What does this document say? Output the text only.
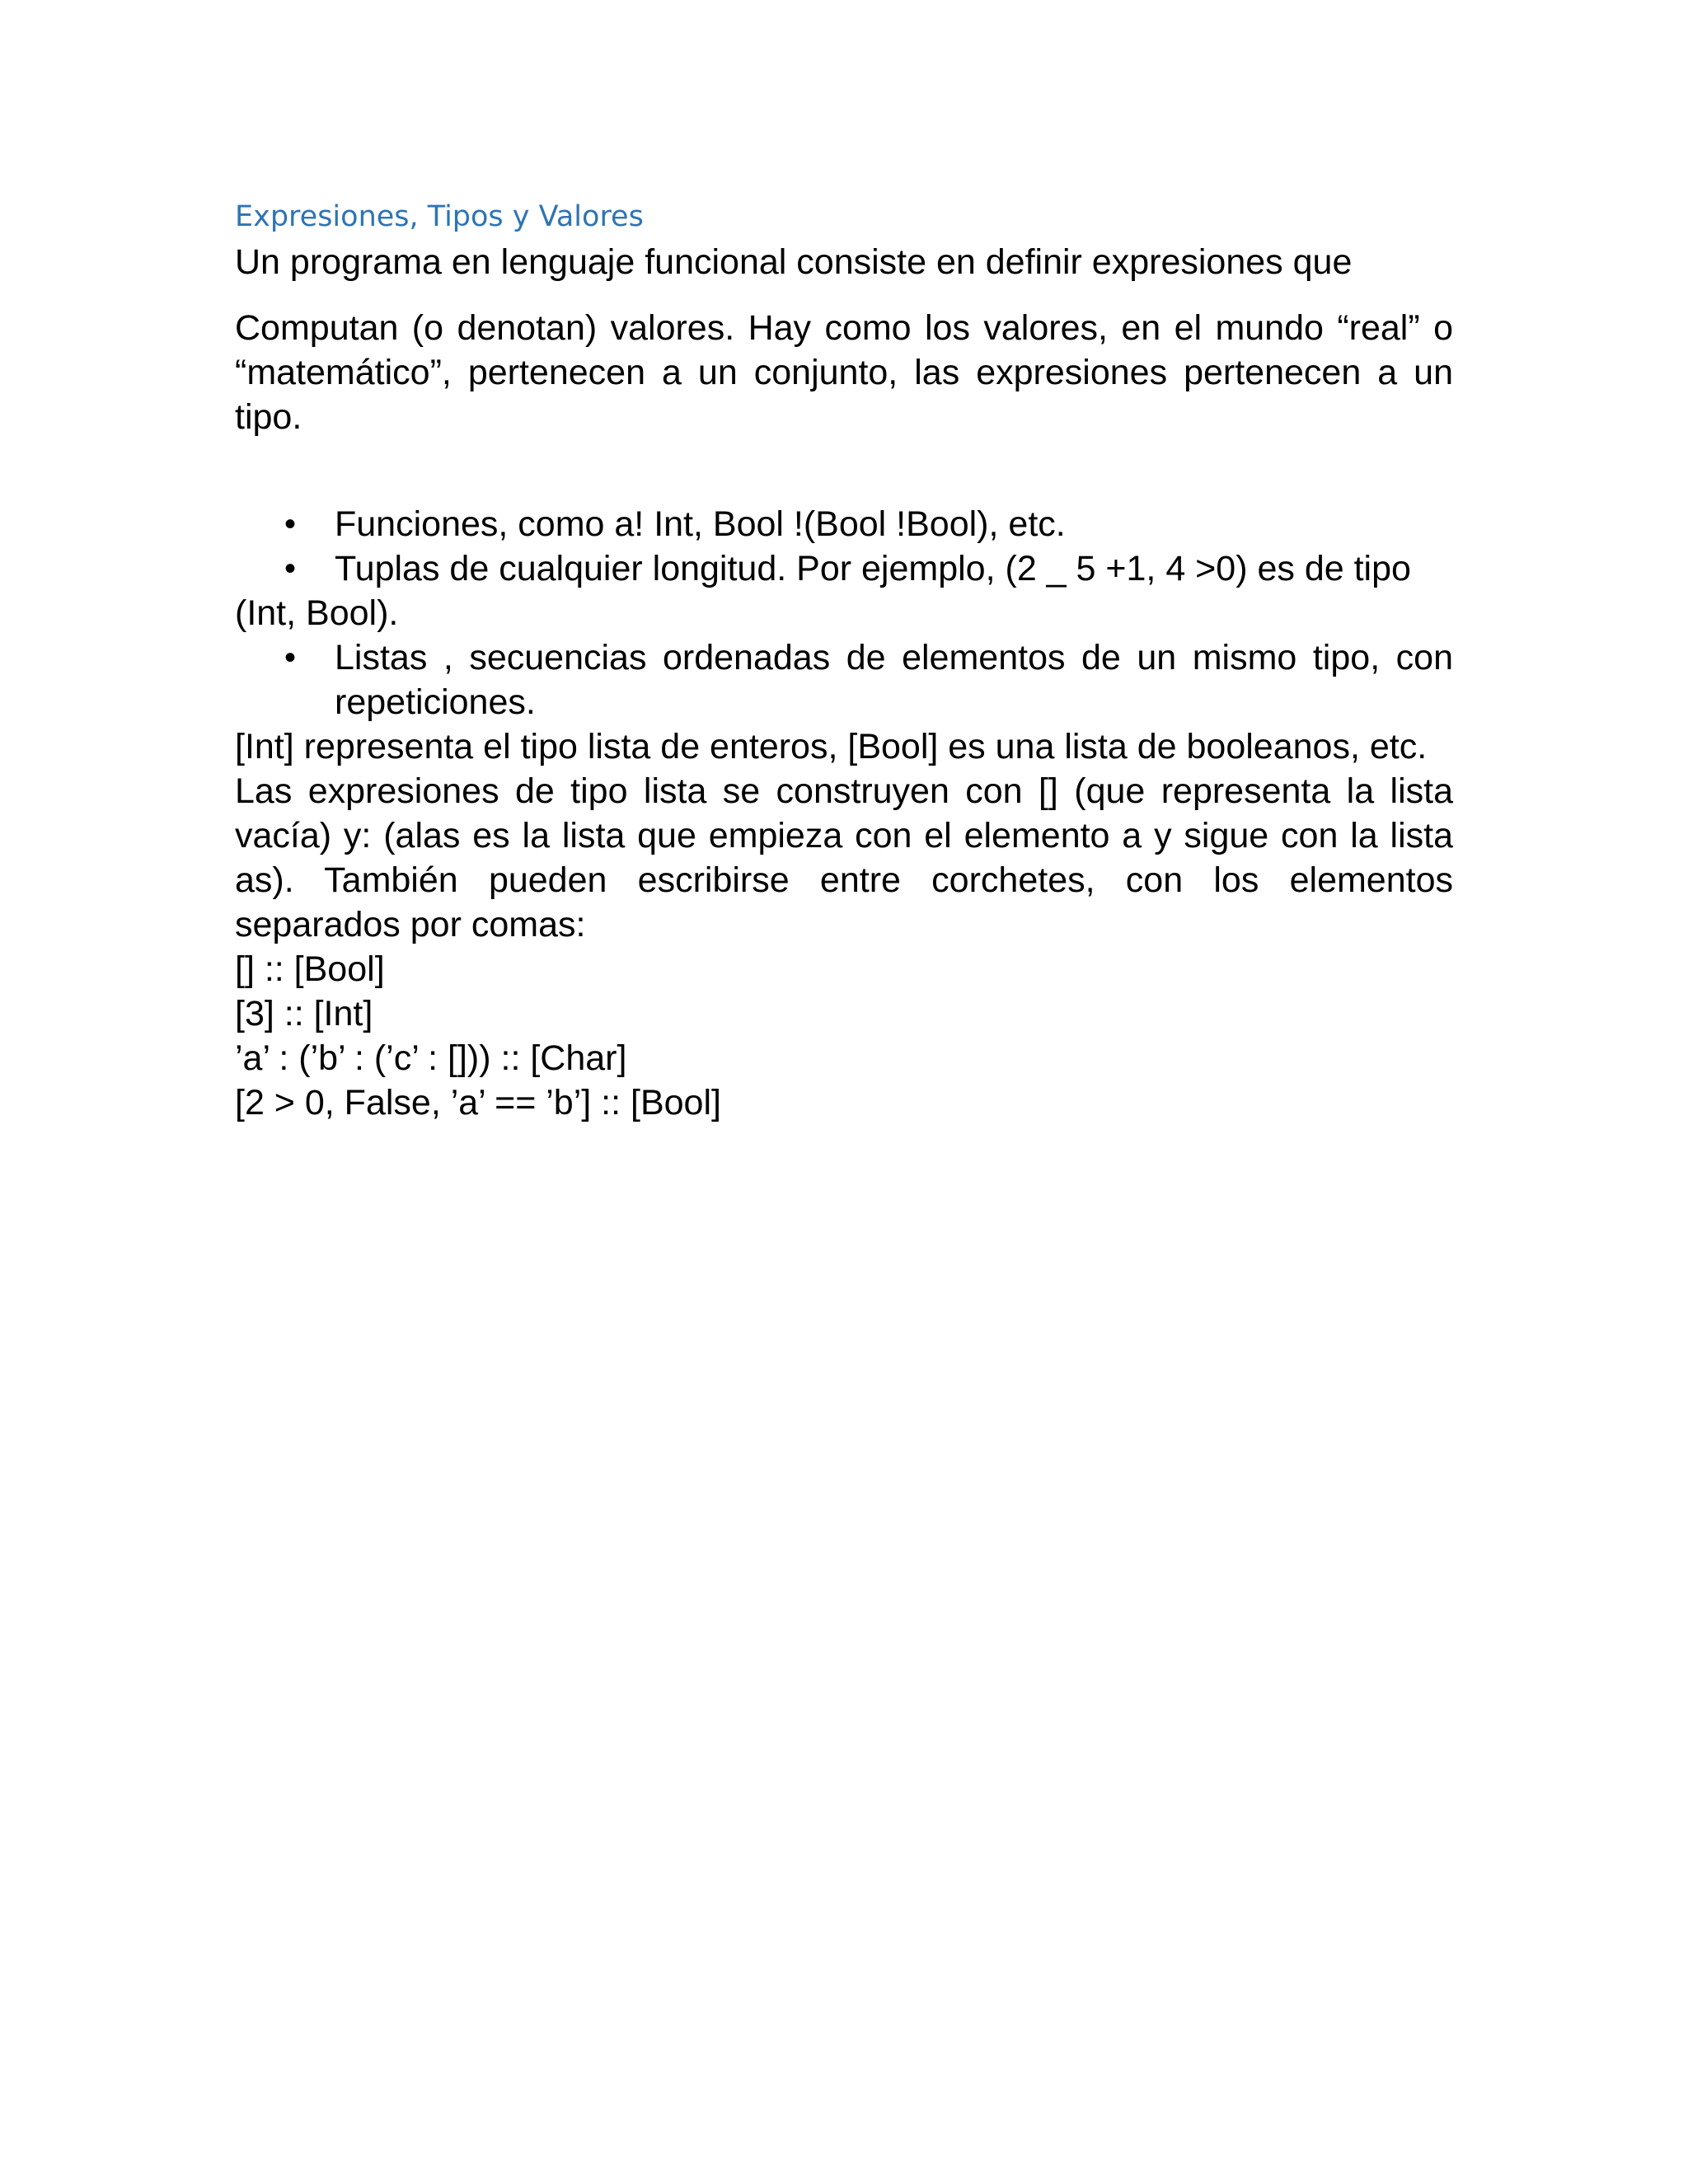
Expresiones, Tipos y Valores

Un programa en lenguaje funcional consiste en definir expresiones que

Computan (o denotan) valores. Hay como los valores, en el mundo “real” o “matemático”, pertenecen a un conjunto, las expresiones pertenecen a un tipo.

• Funciones, como a! Int, Bool !(Bool !Bool), etc.
• Tuplas de cualquier longitud. Por ejemplo, (2 _ 5 +1, 4 >0) es de tipo

(Int, Bool).

• Listas , secuencias ordenadas de elementos de un mismo tipo, con repeticiones.

[Int] representa el tipo lista de enteros, [Bool] es una lista de booleanos, etc.

Las expresiones de tipo lista se construyen con [] (que representa la lista vacía) y: (alas es la lista que empieza con el elemento a y sigue con la lista as). También pueden escribirse entre corchetes, con los elementos separados por comas:

[] :: [Bool]

[3] :: [Int]

’a’ : (’b’ : (’c’ : [])) :: [Char]

[2 > 0, False, ’a’ == ’b’] :: [Bool]
